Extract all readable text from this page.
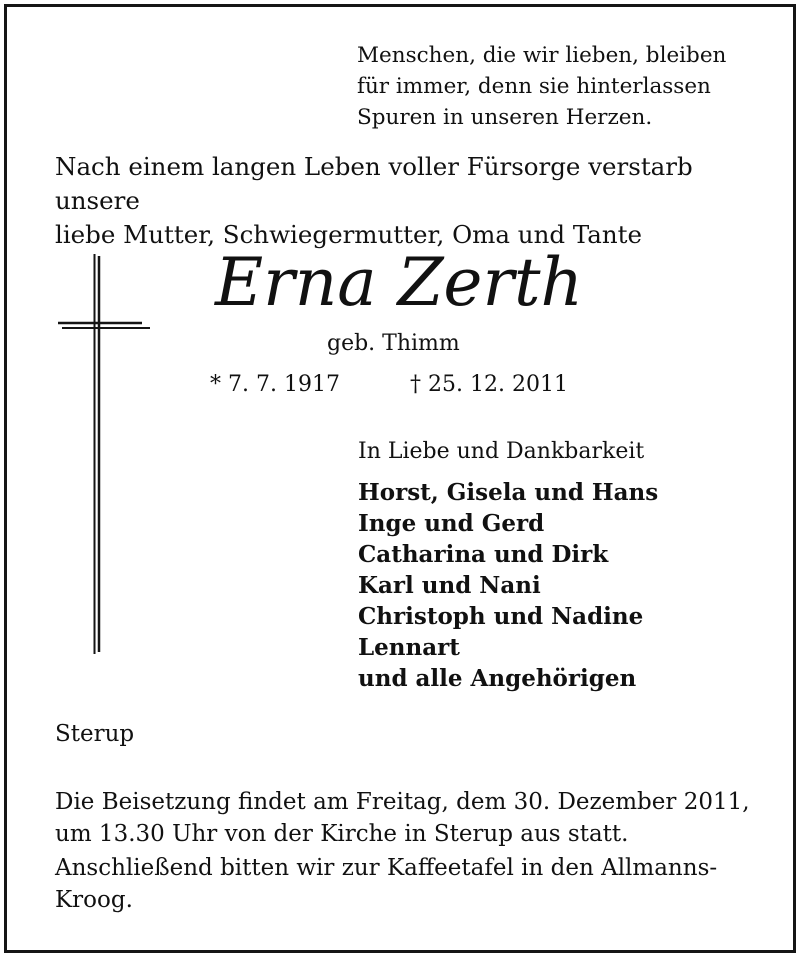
Menschen, die wir lieben, bleiben

für immer, denn sie hinterlassen

Spuren in unseren Herzen.

Nach einem langen Leben voller Fürsorge verstarb unsere

liebe Mutter, Schwiegermutter, Oma und Tante

Erna Zerth
geb. Thimm
* 7. 7. 1917	† 25. 12. 2011
In Liebe und Dankbarkeit
Horst, Gisela und Hans
Inge und Gerd
Catharina und Dirk
Karl und Nani
Christoph und Nadine
Lennart
und alle Angehörigen
Sterup

Die Beisetzung findet am Freitag, dem 30. Dezember 2011,

um 13.30 Uhr von der Kirche in Sterup aus statt.

Anschließend bitten wir zur Kaffeetafel in den Allmanns-

Kroog.
